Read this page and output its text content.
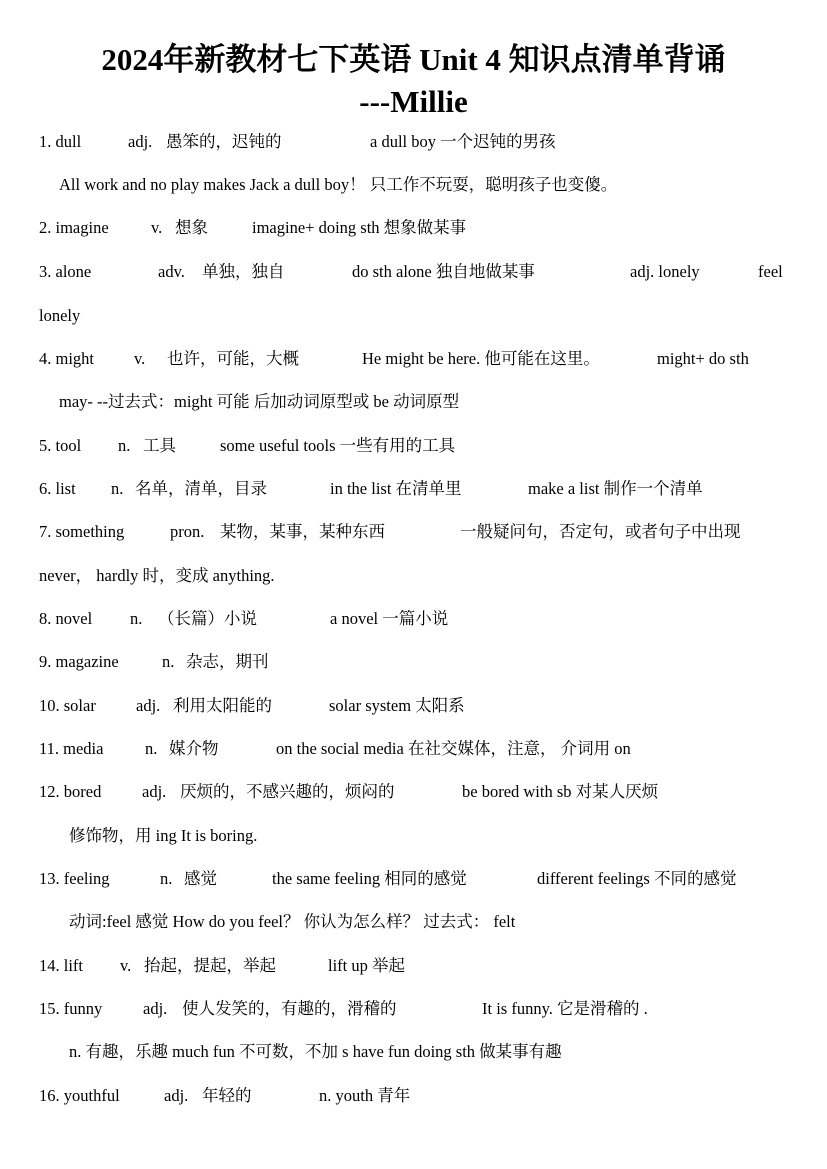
2024年新教材七下英语 Unit 4 知识点清单背诵
---Millie
1. dull	adj. 愚笨的，迟钝的	a dull boy 一个迟钝的男孩
All work and no play makes Jack a dull boy！ 只工作不玩耍，聪明孩子也变傻。
2. imagine	v. 想象	imagine+ doing sth 想象做某事
3. alone	adv. 单独，独自	do sth alone 独自地做某事	adj. lonely	feel
lonely
4. might v. 也许，可能，大概	He might be here. 他可能在这里。	might+ do sth
may- --过去式：might 可能 后加动词原型或 be 动词原型
5. tool n. 工具	some useful tools 一些有用的工具
6. list n. 名单，清单，目录	in the list 在清单里	make a list 制作一个清单
7. something	pron. 某物，某事，某种东西	一般疑问句，否定句，或者句子中出现
never， hardly 时，变成 anything.
8. novel n. （长篇）小说	a novel 一篇小说
9. magazine	n. 杂志，期刊
10. solar adj. 利用太阳能的	solar system 太阳系
11. media	n. 媒介物	on the social media 在社交媒体，注意， 介词用 on
12. bored adj. 厌烦的，不感兴趣的，烦闷的	be bored with sb 对某人厌烦
修饰物，用 ing It is boring.
13. feeling	n. 感觉	the same feeling 相同的感觉	different feelings 不同的感觉
动词:feel 感觉 How do you feel？ 你认为怎么样？ 过去式： felt
14. lift v. 抬起，提起，举起	lift up 举起
15. funny adj. 使人发笑的，有趣的，滑稽的	It is funny. 它是滑稽的 .
n. 有趣，乐趣 much fun 不可数，不加 s have fun doing sth 做某事有趣
16. youthful	adj. 年轻的	n. youth 青年
